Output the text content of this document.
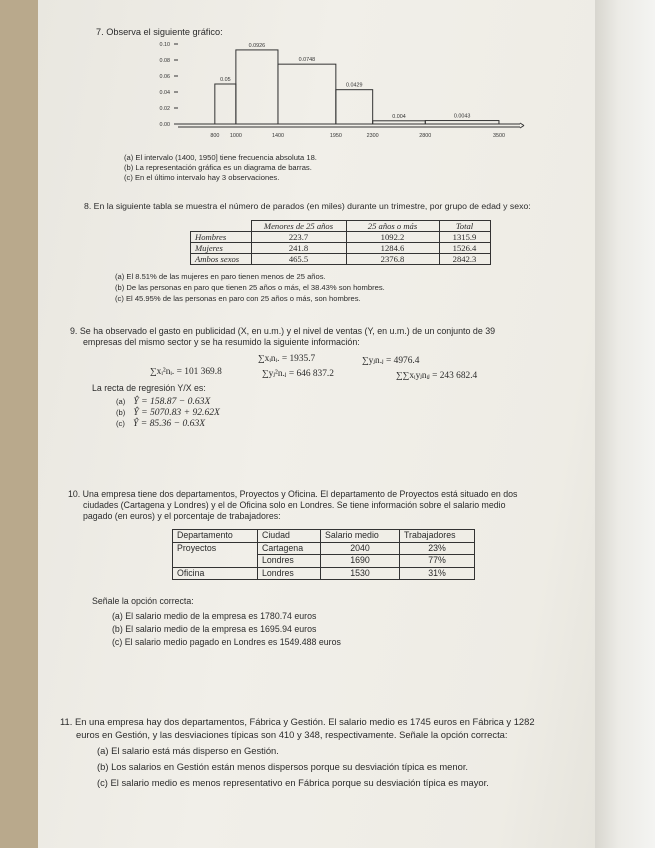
7. Observa el siguiente gráfico:
0.10
0.08
0.06
0.04
0.02
0.00
0.05
0.0926
0.0748
0.0429
0.004	0.0043
800 1000	1400	1950	2300	2800	3500
(a) El intervalo (1400, 1950] tiene frecuencia absoluta 18.
(b) La representación gráfica es un diagrama de barras.
(c) En el último intervalo hay 3 observaciones.
8. En la siguiente tabla se muestra el número de parados (en miles) durante un trimestre, por grupo de edad y sexo:
	Menores de 25 años	25 años o más	Total
Hombres	223.7	1092.2	1315.9
Mujeres	241.8	1284.6	1526.4
Ambos sexos	465.5	2376.8	2842.3
(a) El 8.51% de las mujeres en paro tienen menos de 25 años.
(b) De las personas en paro que tienen 25 años o más, el 38.43% son hombres.
(c) El 45.95% de las personas en paro con 25 años o más, son hombres.
9. Se ha observado el gasto en publicidad (X, en u.m.) y el nivel de ventas (Y, en u.m.) de un conjunto de 39
empresas del mismo sector y se ha resumido la siguiente información:
∑xᵢnᵢ. = 1935.7	∑yⱼn.ⱼ = 4976.4
∑xᵢ²nᵢ. = 101 369.8	∑yⱼ²n.ⱼ = 646 837.2	∑∑xᵢyⱼnᵢⱼ = 243 682.4
La recta de regresión Y/X es:
(a) Ŷ = 158.87 − 0.63X
(b) Ŷ = 5070.83 + 92.62X
(c) Ŷ = 85.36 − 0.63X
10. Una empresa tiene dos departamentos, Proyectos y Oficina. El departamento de Proyectos está situado en dos
ciudades (Cartagena y Londres) y el de Oficina solo en Londres. Se tiene información sobre el salario medio
pagado (en euros) y el porcentaje de trabajadores:
Departamento	Ciudad	Salario medio	Trabajadores
Proyectos	Cartagena	2040	23%
	Londres	1690	77%
Oficina	Londres	1530	31%
Señale la opción correcta:
(a) El salario medio de la empresa es 1780.74 euros
(b) El salario medio de la empresa es 1695.94 euros
(c) El salario medio pagado en Londres es 1549.488 euros
11. En una empresa hay dos departamentos, Fábrica y Gestión. El salario medio es 1745 euros en Fábrica y 1282
euros en Gestión, y las desviaciones típicas son 410 y 348, respectivamente. Señale la opción correcta:
(a) El salario está más disperso en Gestión.
(b) Los salarios en Gestión están menos dispersos porque su desviación típica es menor.
(c) El salario medio es menos representativo en Fábrica porque su desviación típica es mayor.
